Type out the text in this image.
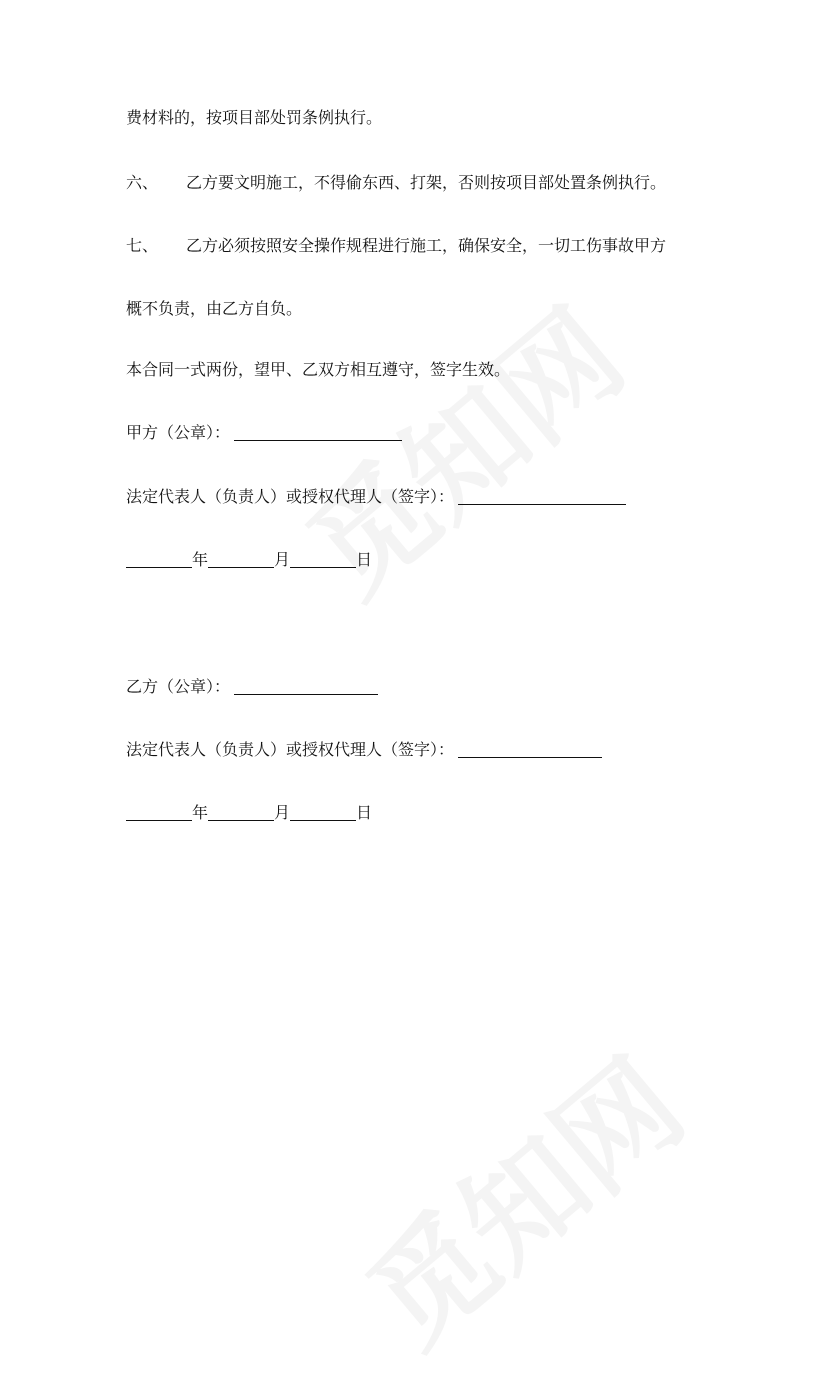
费材料的，按项目部处罚条例执行。
六、 乙方要文明施工，不得偷东西、打架，否则按项目部处置条例执行。
七、 乙方必须按照安全操作规程进行施工，确保安全，一切工伤事故甲方
概不负责，由乙方自负。
本合同一式两份，望甲、乙双方相互遵守，签字生效。
甲方（公章）：
法定代表人（负责人）或授权代理人（签字）：
年	月	日
乙方（公章）：
法定代表人（负责人）或授权代理人（签字）：
年	月	日
